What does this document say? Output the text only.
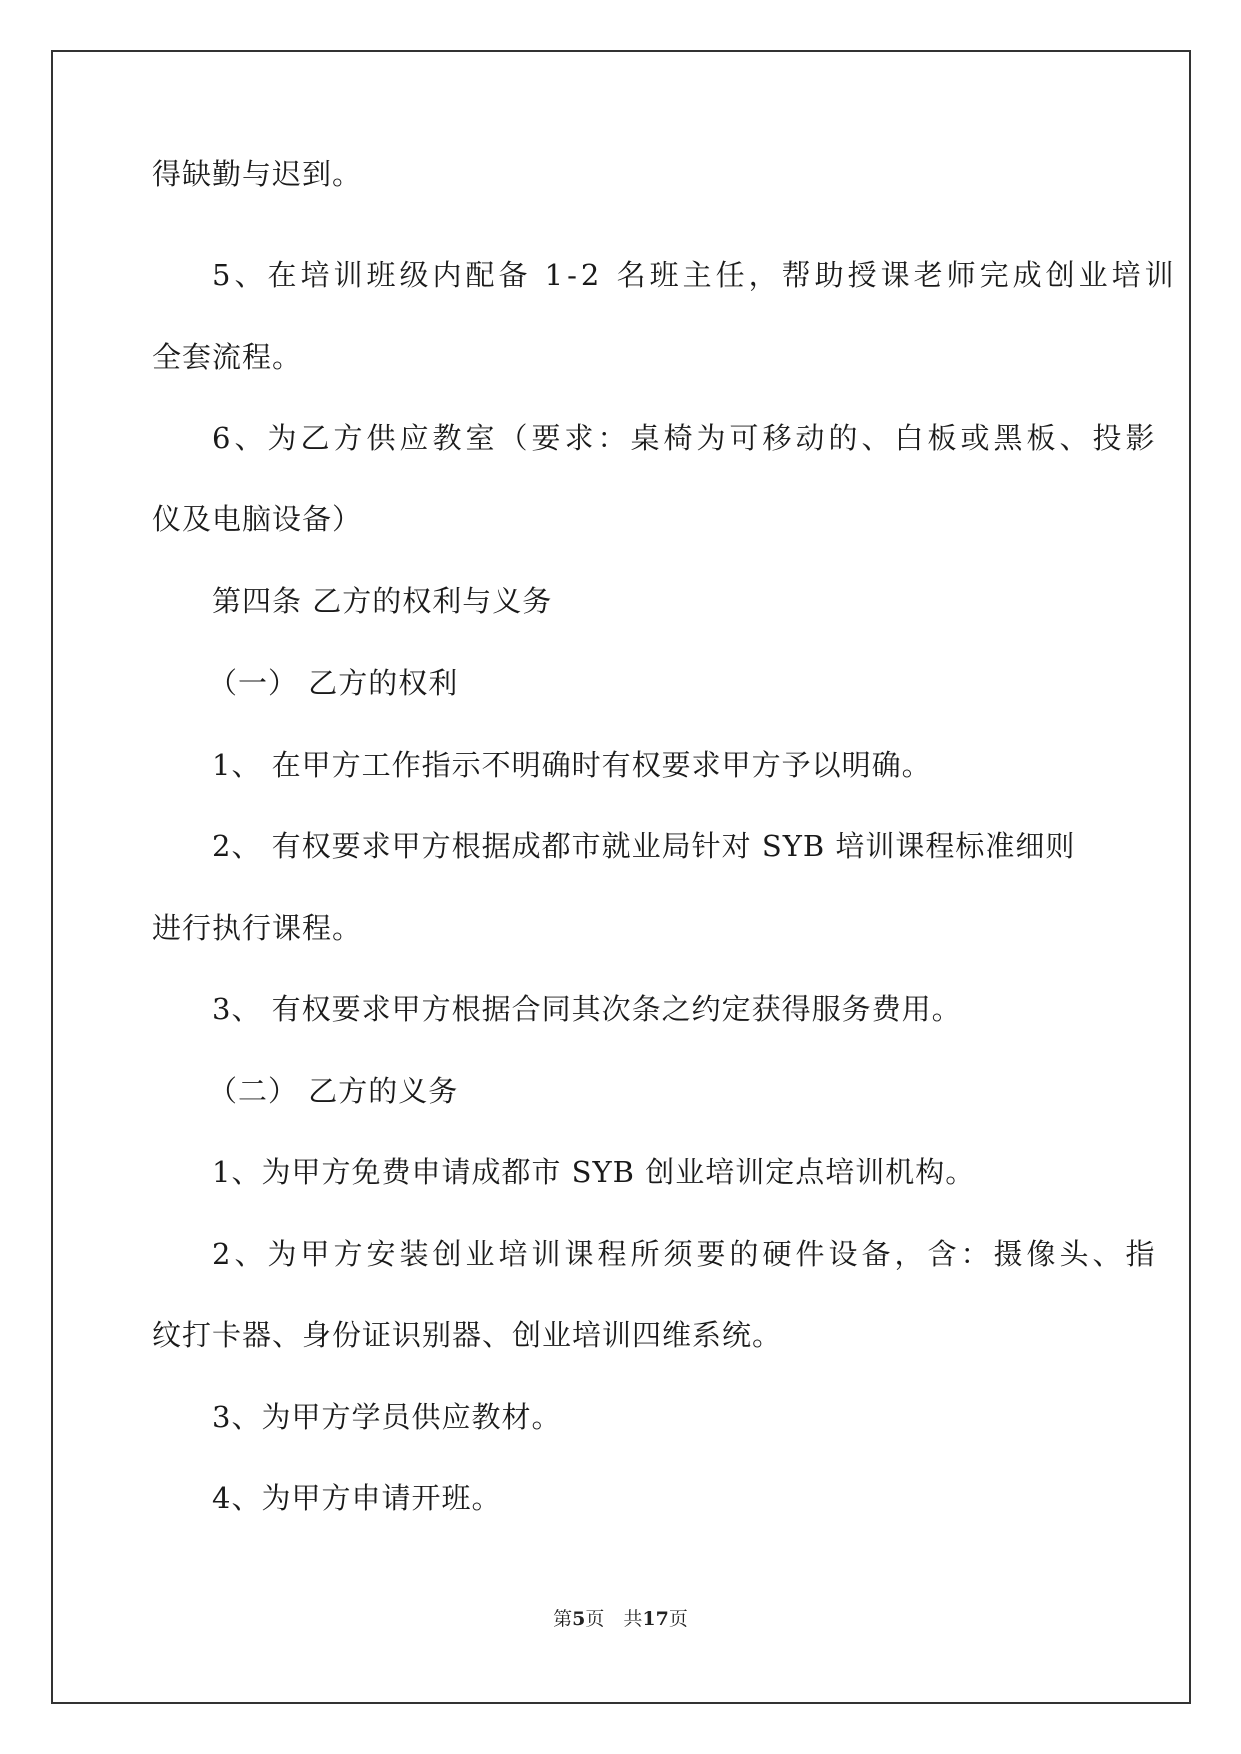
得缺勤与迟到。
5、在培训班级内配备 1-2 名班主任，帮助授课老师完成创业培训
全套流程。
6、为乙方供应教室（要求：桌椅为可移动的、白板或黑板、投影
仪及电脑设备）
第四条 乙方的权利与义务
（一） 乙方的权利
1、 在甲方工作指示不明确时有权要求甲方予以明确。
2、 有权要求甲方根据成都市就业局针对 SYB 培训课程标准细则
进行执行课程。
3、 有权要求甲方根据合同其次条之约定获得服务费用。
（二） 乙方的义务
1、为甲方免费申请成都市 SYB 创业培训定点培训机构。
2、为甲方安装创业培训课程所须要的硬件设备，含：摄像头、指
纹打卡器、身份证识别器、创业培训四维系统。
3、为甲方学员供应教材。
4、为甲方申请开班。
第5页　共17页
